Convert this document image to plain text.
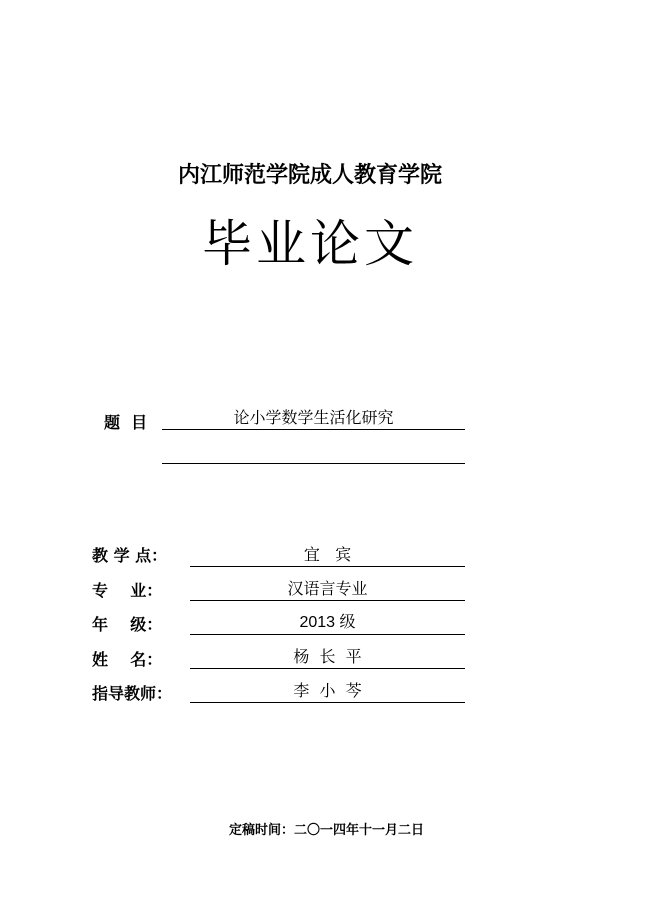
内江师范学院成人教育学院
毕业论文
题  目	论小学数学生活化研究
教 学 点：	宜   宾
专    业：	汉语言专业
年    级：	2013 级
姓    名：	杨  长  平
指导教师：	李  小  芩
定稿时间：二〇一四年十一月二日
